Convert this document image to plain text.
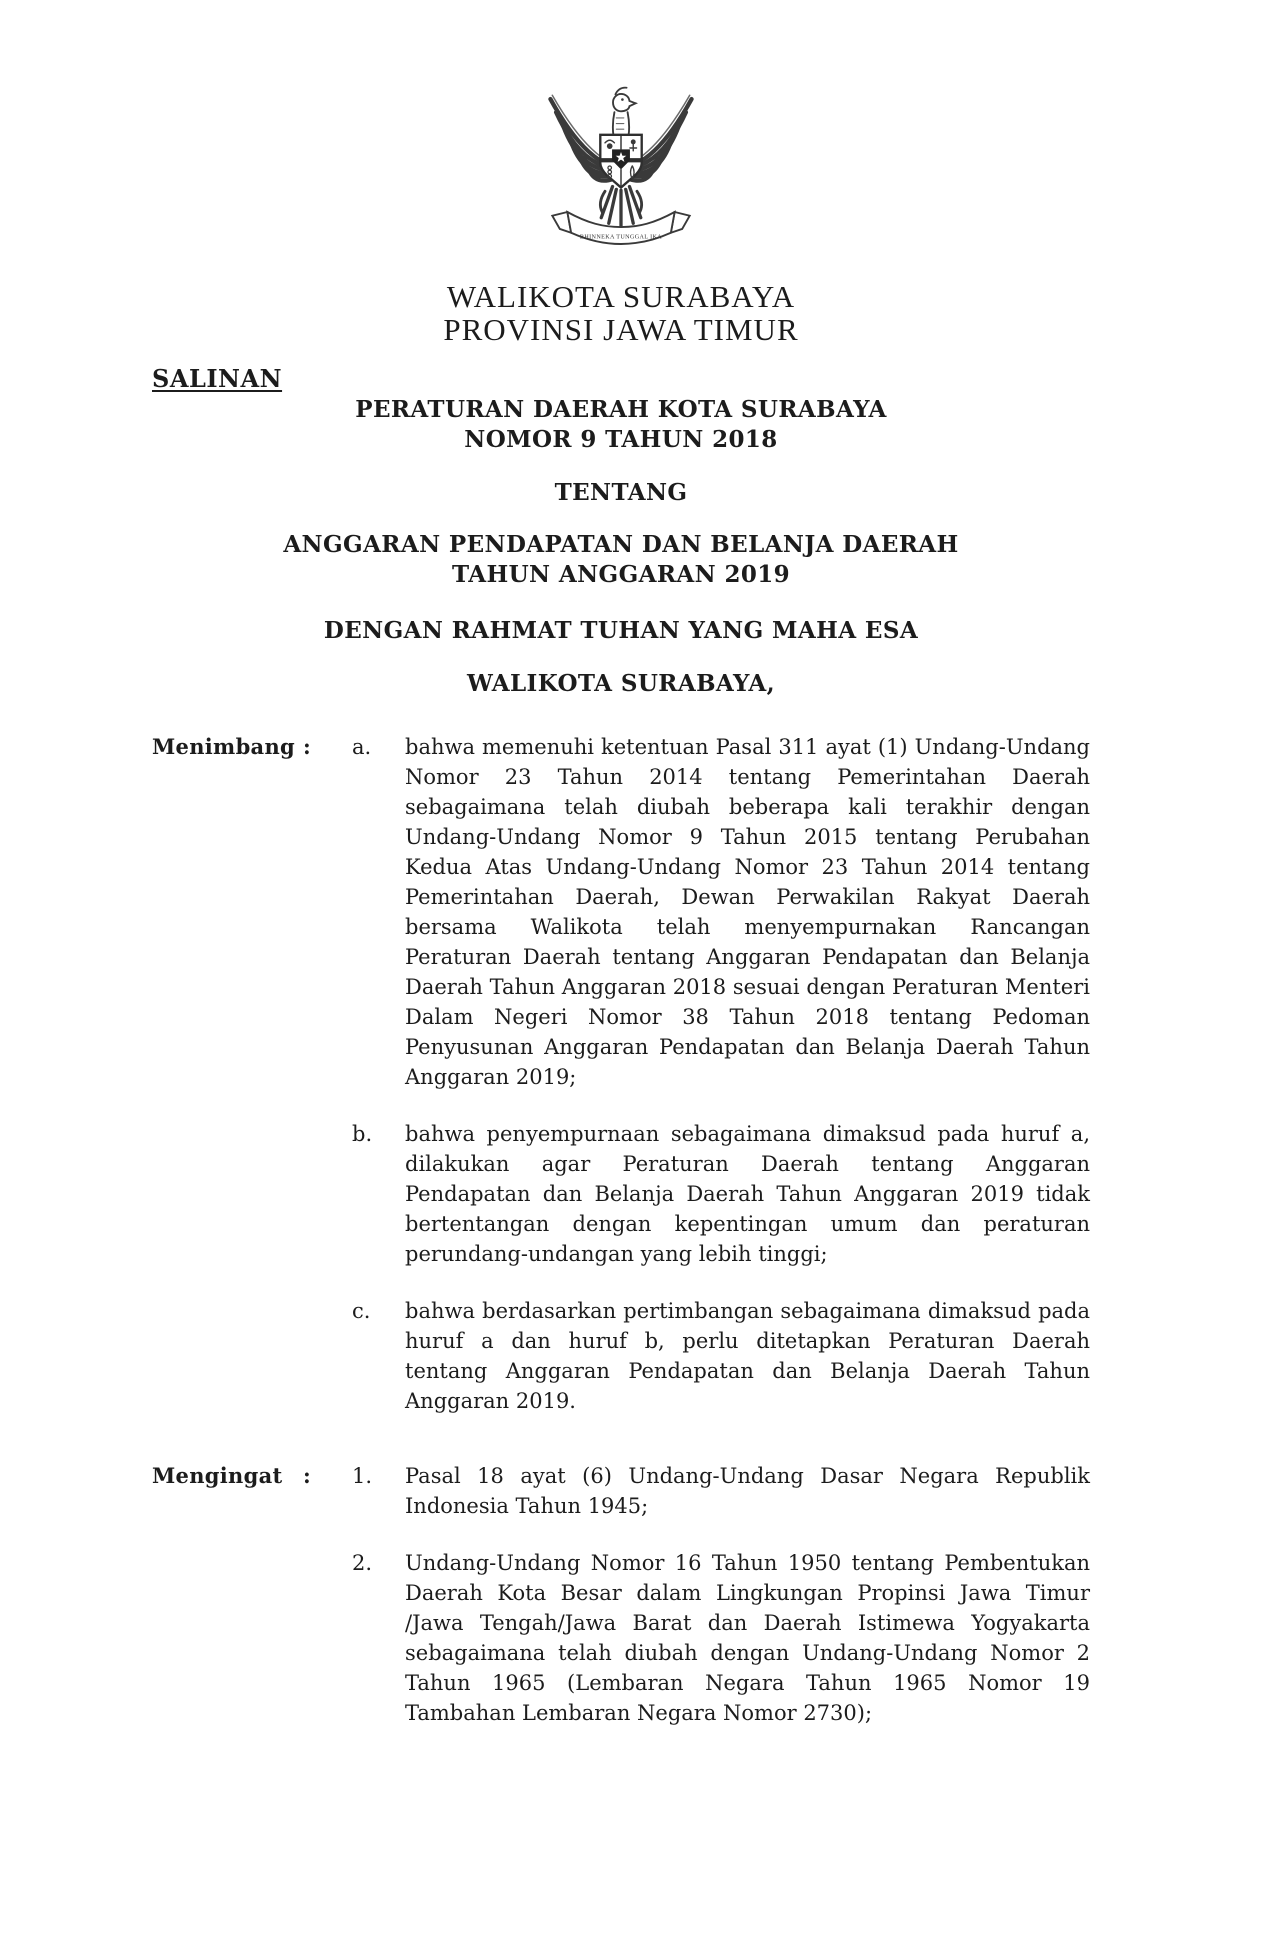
BHINNEKA TUNGGAL IKA
WALIKOTA SURABAYA
PROVINSI JAWA TIMUR
SALINAN
PERATURAN DAERAH KOTA SURABAYA
NOMOR 9 TAHUN 2018
TENTANG
ANGGARAN PENDAPATAN DAN BELANJA DAERAH
TAHUN ANGGARAN 2019
DENGAN RAHMAT TUHAN YANG MAHA ESA
WALIKOTA SURABAYA,
Menimbang :	a.	bahwa memenuhi ketentuan Pasal 311 ayat (1) Undang-Undang Nomor 23 Tahun 2014 tentang Pemerintahan Daerah sebagaimana telah diubah beberapa kali terakhir dengan Undang-Undang Nomor 9 Tahun 2015 tentang Perubahan Kedua Atas Undang-Undang Nomor 23 Tahun 2014 tentang Pemerintahan Daerah, Dewan Perwakilan Rakyat Daerah bersama Walikota telah menyempurnakan Rancangan Peraturan Daerah tentang Anggaran Pendapatan dan Belanja Daerah Tahun Anggaran 2018 sesuai dengan Peraturan Menteri Dalam Negeri Nomor 38 Tahun 2018 tentang Pedoman Penyusunan Anggaran Pendapatan dan Belanja Daerah Tahun Anggaran 2019;
b.	bahwa penyempurnaan sebagaimana dimaksud pada huruf a, dilakukan agar Peraturan Daerah tentang Anggaran Pendapatan dan Belanja Daerah Tahun Anggaran 2019 tidak bertentangan dengan kepentingan umum dan peraturan perundang-undangan yang lebih tinggi;
c.	bahwa berdasarkan pertimbangan sebagaimana dimaksud pada huruf a dan huruf b, perlu ditetapkan Peraturan Daerah tentang Anggaran Pendapatan dan Belanja Daerah Tahun Anggaran 2019.
Mengingat :	1.	Pasal 18 ayat (6) Undang-Undang Dasar Negara Republik Indonesia Tahun 1945;
2.	Undang-Undang Nomor 16 Tahun 1950 tentang Pembentukan Daerah Kota Besar dalam Lingkungan Propinsi Jawa Timur /Jawa Tengah/Jawa Barat dan Daerah Istimewa Yogyakarta sebagaimana telah diubah dengan Undang-Undang Nomor 2 Tahun 1965 (Lembaran Negara Tahun 1965 Nomor 19 Tambahan Lembaran Negara Nomor 2730);
